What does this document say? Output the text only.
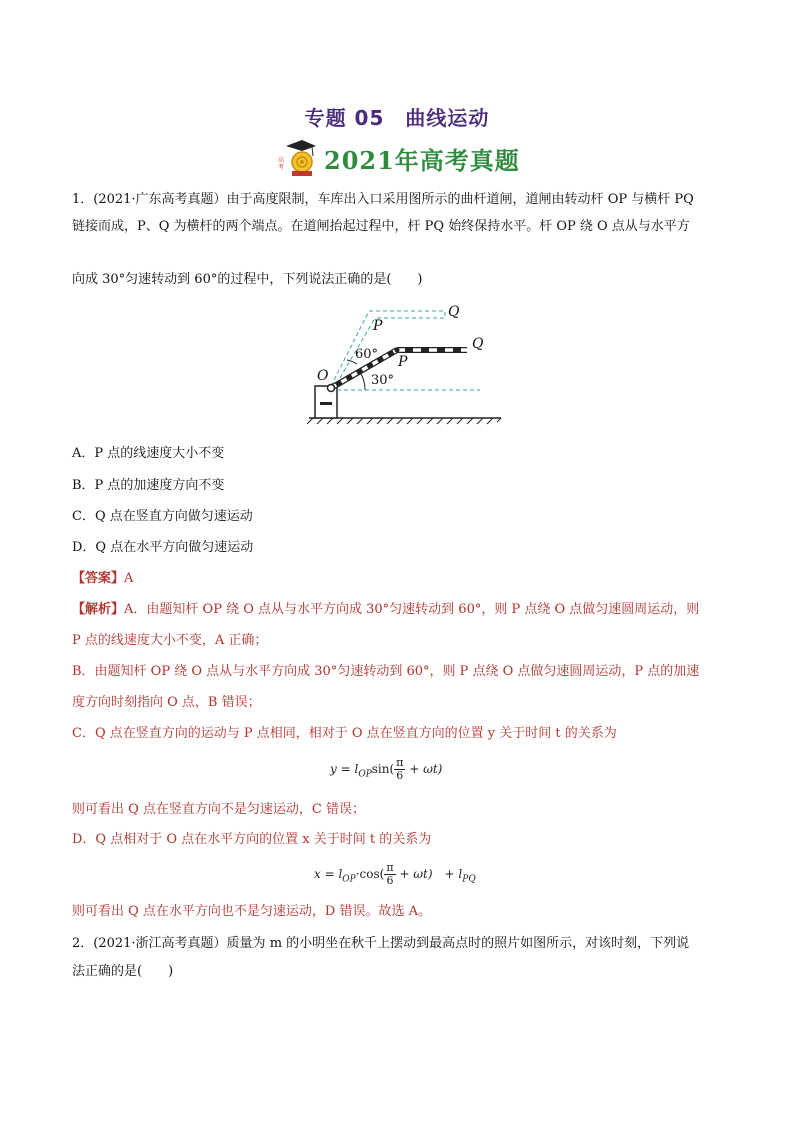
专题 05　曲线运动
高
考 2021年高考真题
1．(2021·广东高考真题）由于高度限制，车库出入口采用图所示的曲杆道闸，道闸由转动杆 OP 与横杆 PQ
链接而成，P、Q 为横杆的两个端点。在道闸抬起过程中，杆 PQ 始终保持水平。杆 OP 绕 O 点从与水平方
向成 30°匀速转动到 60°的过程中，下列说法正确的是(　　)
O
P
Q
P
Q
60°
30°
A．P 点的线速度大小不变
B．P 点的加速度方向不变
C．Q 点在竖直方向做匀速运动
D．Q 点在水平方向做匀速运动
【答案】A
【解析】A．由题知杆 OP 绕 O 点从与水平方向成 30°匀速转动到 60°，则 P 点绕 O 点做匀速圆周运动，则
P 点的线速度大小不变，A 正确；
B．由题知杆 OP 绕 O 点从与水平方向成 30°匀速转动到 60°，则 P 点绕 O 点做匀速圆周运动，P 点的加速
度方向时刻指向 O 点，B 错误；
C．Q 点在竖直方向的运动与 P 点相同，相对于 O 点在竖直方向的位置 y 关于时间 t 的关系为
$y = l_{OP}\sin( \frac{\pi}{6} + \omega t)$
则可看出 Q 点在竖直方向不是匀速运动，C 错误；
D．Q 点相对于 O 点在水平方向的位置 x 关于时间 t 的关系为
$x = l_{OP}\cdot\cos( \frac{\pi}{6} + \omega t)$　+ $l_{PQ}$
则可看出 Q 点在水平方向也不是匀速运动，D 错误。故选 A。
2．(2021·浙江高考真题）质量为 m 的小明坐在秋千上摆动到最高点时的照片如图所示，对该时刻，下列说
法正确的是(　　)
